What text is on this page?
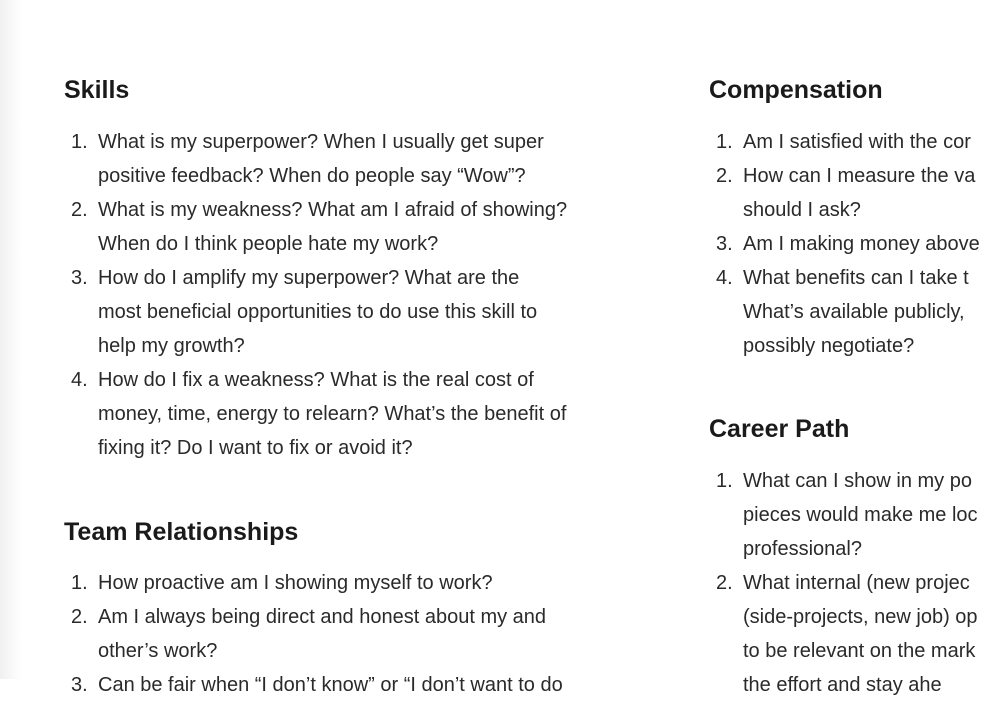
Skills
1. What is my superpower? When I usually get super
positive feedback? When do people say “Wow”?
2. What is my weakness? What am I afraid of showing?
When do I think people hate my work?
3. How do I amplify my superpower? What are the
most beneficial opportunities to do use this skill to
help my growth?
4. How do I fix a weakness? What is the real cost of
money, time, energy to relearn? What’s the benefit of
fixing it? Do I want to fix or avoid it?
Team Relationships
1. How proactive am I showing myself to work?
2. Am I always being direct and honest about my and
other’s work?
3. Can be fair when “I don’t know” or “I don’t want to do
Compensation
1. Am I satisfied with the cor
2. How can I measure the va
should I ask?
3. Am I making money above
4. What benefits can I take t
What’s available publicly,
possibly negotiate?
Career Path
1. What can I show in my po
pieces would make me loc
professional?
2. What internal (new projec
(side-projects, new job) op
to be relevant on the mark
the effort and stay ahe
